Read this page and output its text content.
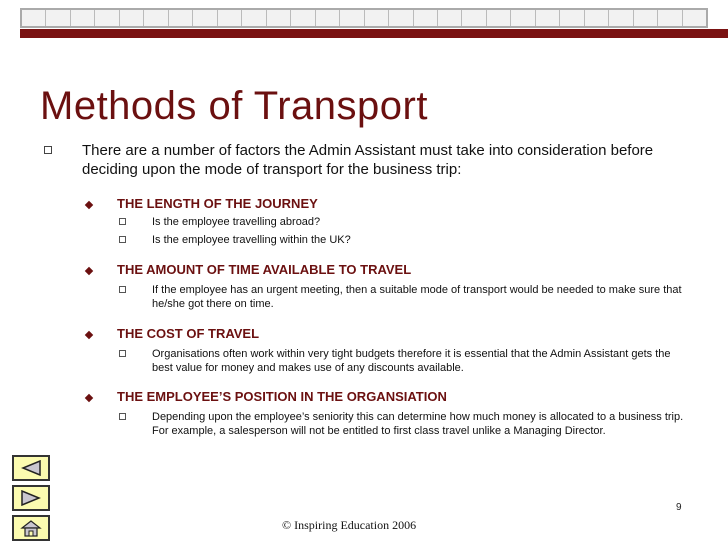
Methods of Transport
There are a number of factors the Admin Assistant must take into consideration before deciding upon the mode of transport for the business trip:
THE LENGTH OF THE JOURNEY
Is the employee travelling abroad?
Is the employee travelling within the UK?
THE AMOUNT OF TIME AVAILABLE TO TRAVEL
If the employee has an urgent meeting, then a suitable mode of transport would be needed to make sure that he/she got there on time.
THE COST OF TRAVEL
Organisations often work within very tight budgets therefore it is essential that the Admin Assistant gets the best value for money and makes use of any discounts available.
THE EMPLOYEE’S POSITION IN THE ORGANSIATION
Depending upon the employee’s seniority this can determine how much money is allocated to a business trip. For example, a salesperson will not be entitled to first class travel unlike a Managing Director.
9
© Inspiring Education 2006
